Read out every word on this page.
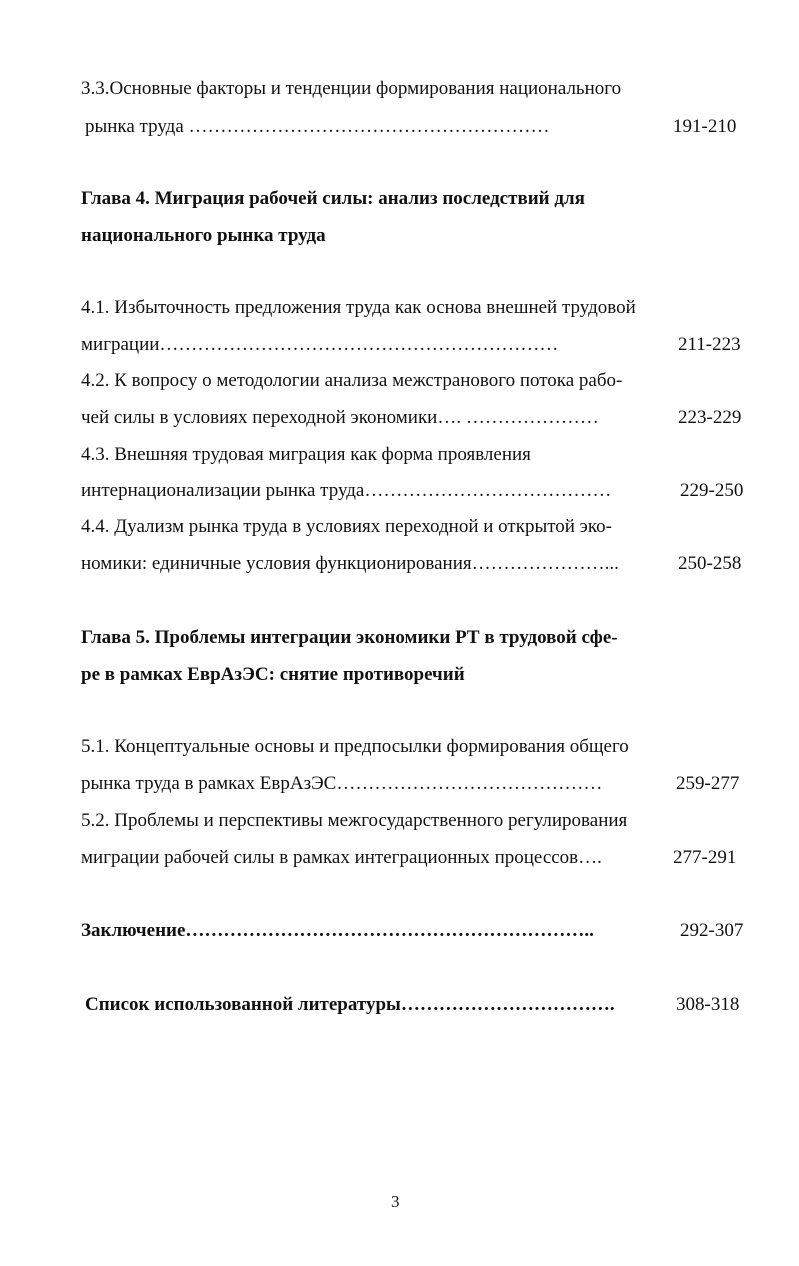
3.3.Основные факторы и тенденции формирования национального
рынка труда …………………………………………………	191-210
Глава 4. Миграция рабочей силы: анализ последствий для
национального рынка труда
4.1. Избыточность предложения труда как основа внешней трудовой
миграции………………………………………………………	211-223
4.2. К вопросу о методологии анализа межстранового потока рабо-
чей силы в условиях переходной экономики…. …………………	223-229
4.3. Внешняя трудовая миграция как форма проявления
интернационализации рынка труда…………………………………	229-250
4.4. Дуализм рынка труда в условиях переходной и открытой эко-
номики: единичные условия функционирования…………………...	250-258
Глава 5. Проблемы интеграции экономики РТ в трудовой сфе-
ре в рамках ЕврАзЭС: снятие противоречий
5.1. Концептуальные основы и предпосылки формирования общего
рынка труда в рамках ЕврАзЭС……………………………………	259-277
5.2. Проблемы и перспективы межгосударственного регулирования
миграции рабочей силы в рамках интеграционных процессов….	277-291
Заключение………………………………………………………..	292-307
Список использованной литературы…………………………….	308-318
3
